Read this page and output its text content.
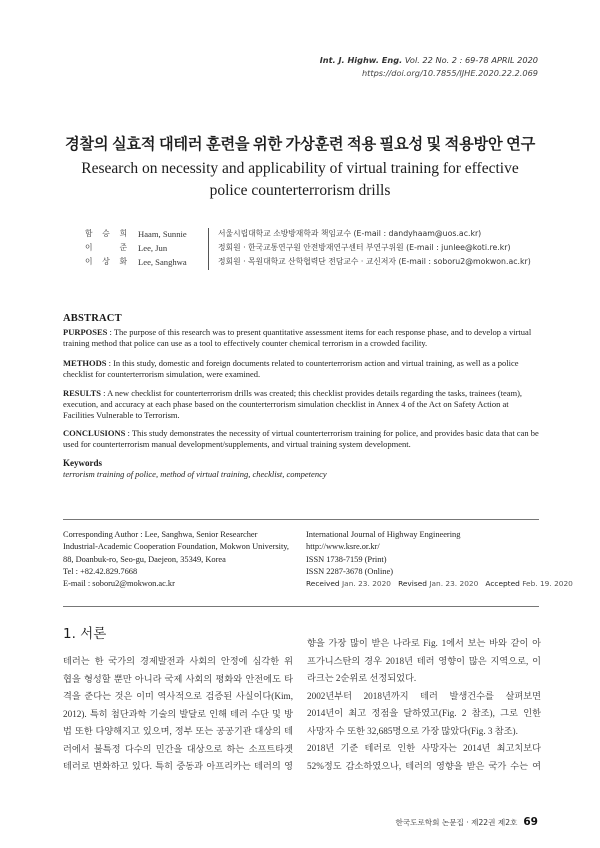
Int. J. Highw. Eng. Vol. 22 No. 2 : 69-78 APRIL 2020
https://doi.org/10.7855/IJHE.2020.22.2.069
경찰의 실효적 대테러 훈련을 위한 가상훈련 적용 필요성 및 적용방안 연구
Research on necessity and applicability of virtual training for effective police counterterrorism drills
함 승 희 Haam, Sunnie	서울시립대학교 소방방재학과 책임교수 (E-mail : dandyhaam@uos.ac.kr)
이 준 Lee, Jun	정회원 · 한국교통연구원 안전방재연구센터 부연구위원 (E-mail : junlee@koti.re.kr)
이 상 화 Lee, Sanghwa	정회원 · 목원대학교 산학협력단 전담교수 · 교신저자 (E-mail : soboru2@mokwon.ac.kr)
ABSTRACT
PURPOSES : The purpose of this research was to present quantitative assessment items for each response phase, and to develop a virtual training method that police can use as a tool to effectively counter chemical terrorism in a crowded facility.
METHODS : In this study, domestic and foreign documents related to counterterrorism action and virtual training, as well as a police checklist for counterterrorism simulation, were examined.
RESULTS : A new checklist for counterterrorism drills was created; this checklist provides details regarding the tasks, trainees (team), execution, and accuracy at each phase based on the counterterrorism simulation checklist in Annex 4 of the Act on Safety Action at Facilities Vulnerable to Terrorism.
CONCLUSIONS : This study demonstrates the necessity of virtual counterterrorism training for police, and provides basic data that can be used for counterterrorism manual development/supplements, and virtual training system development.
Keywords
terrorism training of police, method of virtual training, checklist, competency
Corresponding Author : Lee, Sanghwa, Senior Researcher
Industrial-Academic Cooperation Foundation, Mokwon University,
88, Doanbuk-ro, Seo-gu, Daejeon, 35349, Korea
Tel : +82.42.829.7668
E-mail : soboru2@mokwon.ac.kr
International Journal of Highway Engineering
http://www.ksre.or.kr/
ISSN 1738-7159 (Print)
ISSN 2287-3678 (Online)
Received Jan. 23. 2020 Revised Jan. 23. 2020 Accepted Feb. 19. 2020
1. 서론
테러는 한 국가의 경제발전과 사회의 안정에 심각한 위
협을 형성할 뿐만 아니라 국제 사회의 평화와 안전에도 타
격을 준다는 것은 이미 역사적으로 검증된 사실이다(Kim,
2012). 특히 첨단과학 기술의 발달로 인해 테러 수단 및 방
법 또한 다양해지고 있으며, 정부 또는 공공기관 대상의 테
러에서 불특정 다수의 민간을 대상으로 하는 소프트타겟
테러로 변화하고 있다. 특히 중동과 아프리카는 테러의 영
향을 가장 많이 받은 나라로 Fig. 1에서 보는 바와 같이 아
프가니스탄의 경우 2018년 테러 영향이 많은 지역으로, 이
라크는 2순위로 선정되었다.
2002년부터 2018년까지 테러 발생건수를 살펴보면
2014년이 최고 정점을 달하였고(Fig. 2 참조), 그로 인한
사망자 수 또한 32,685명으로 가장 많았다(Fig. 3 참조).
2018년 기준 테러로 인한 사망자는 2014년 최고치보다
52%정도 감소하였으나, 테러의 영향을 받은 국가 수는 여
한국도로학회 논문집 · 제22권 제2호 69
